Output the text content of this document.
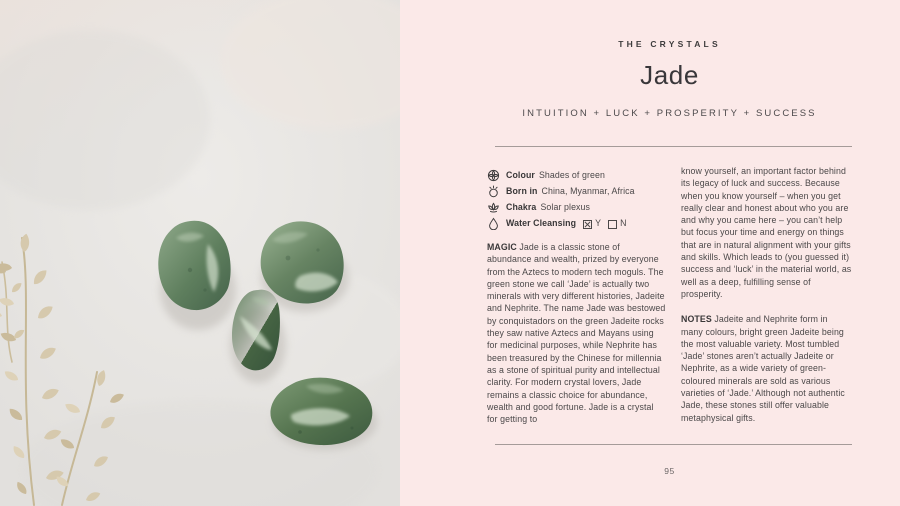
THE CRYSTALS
Jade
INTUITION + LUCK + PROSPERITY + SUCCESS
Colour Shades of green
Born in China, Myanmar, Africa
Chakra Solar plexus
Water Cleansing Y N

MAGIC Jade is a classic stone of abundance and wealth, prized by everyone from the Aztecs to modern tech moguls. The green stone we call ‘Jade’ is actually two minerals with very different histories, Jadeite and Nephrite. The name Jade was bestowed by conquistadors on the green Jadeite rocks they saw native Aztecs and Mayans using for medicinal purposes, while Nephrite has been treasured by the Chinese for millennia as a stone of spiritual purity and intellectual clarity. For modern crystal lovers, Jade remains a classic choice for abundance, wealth and good fortune. Jade is a crystal for getting to

know yourself, an important factor behind its legacy of luck and success. Because when you know yourself – when you get really clear and honest about who you are and why you came here – you can’t help but focus your time and energy on things that are in natural alignment with your gifts and skills. Which leads to (you guessed it) success and ‘luck’ in the material world, as well as a deep, fulfilling sense of prosperity.

NOTES Jadeite and Nephrite form in many colours, bright green Jadeite being the most valuable variety. Most tumbled ‘Jade’ stones aren’t actually Jadeite or Nephrite, as a wide variety of green-coloured minerals are sold as various varieties of ‘Jade.’ Although not authentic Jade, these stones still offer valuable metaphysical gifts.

95
